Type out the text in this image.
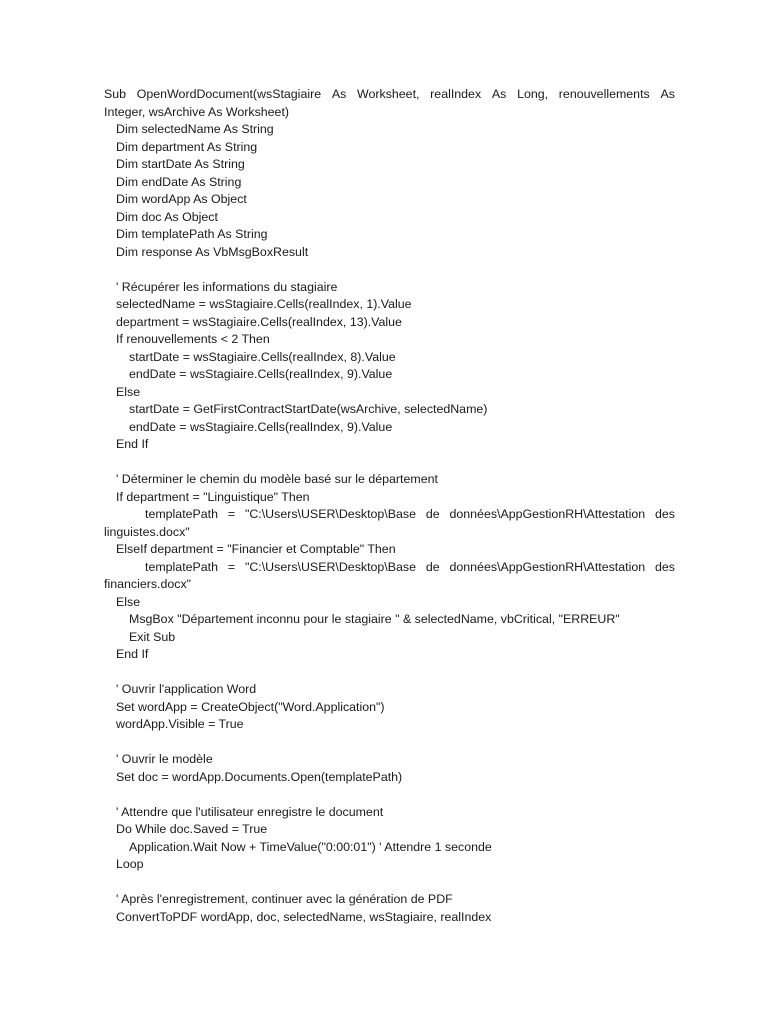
Sub OpenWordDocument(wsStagiaire As Worksheet, realIndex As Long, renouvellements As
Integer, wsArchive As Worksheet)
Dim selectedName As String
Dim department As String
Dim startDate As String
Dim endDate As String
Dim wordApp As Object
Dim doc As Object
Dim templatePath As String
Dim response As VbMsgBoxResult
' Récupérer les informations du stagiaire
selectedName = wsStagiaire.Cells(realIndex, 1).Value
department = wsStagiaire.Cells(realIndex, 13).Value
If renouvellements < 2 Then
startDate = wsStagiaire.Cells(realIndex, 8).Value
endDate = wsStagiaire.Cells(realIndex, 9).Value
Else
startDate = GetFirstContractStartDate(wsArchive, selectedName)
endDate = wsStagiaire.Cells(realIndex, 9).Value
End If
' Déterminer le chemin du modèle basé sur le département
If department = "Linguistique" Then
templatePath = "C:\Users\USER\Desktop\Base de données\AppGestionRH\Attestation des
linguistes.docx"
ElseIf department = "Financier et Comptable" Then
templatePath = "C:\Users\USER\Desktop\Base de données\AppGestionRH\Attestation des
financiers.docx"
Else
MsgBox "Département inconnu pour le stagiaire " & selectedName, vbCritical, "ERREUR"
Exit Sub
End If
' Ouvrir l'application Word
Set wordApp = CreateObject("Word.Application")
wordApp.Visible = True
' Ouvrir le modèle
Set doc = wordApp.Documents.Open(templatePath)
' Attendre que l'utilisateur enregistre le document
Do While doc.Saved = True
Application.Wait Now + TimeValue("0:00:01") ' Attendre 1 seconde
Loop
' Après l'enregistrement, continuer avec la génération de PDF
ConvertToPDF wordApp, doc, selectedName, wsStagiaire, realIndex
